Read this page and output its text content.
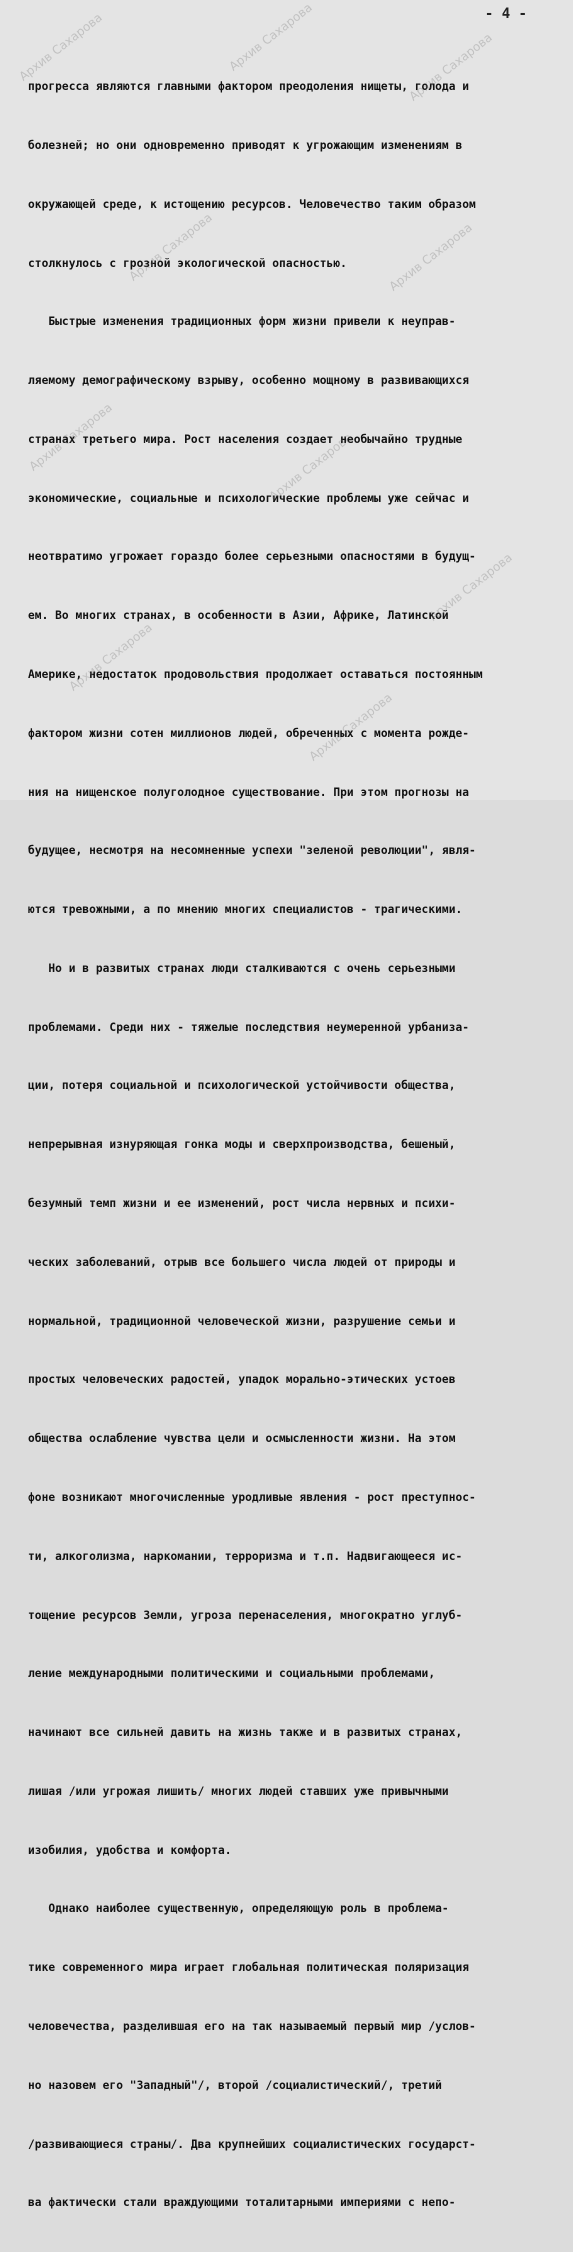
- 4 -
Архив Сахарова	Архив Сахарова	Архив Сахарова
Архив Сахарова	Архив Сахарова
Архив Сахарова	Архив Сахарова
Архив Сахарова
Архив Сахарова
Архив Сахарова

прогресса являются главными фактором преодоления нищеты, голода и

болезней; но они одновременно приводят к угрожающим изменениям в

окружающей среде, к истощению ресурсов. Человечество таким образом

столкнулось с грозной экологической опасностью.

Быстрые изменения традиционных форм жизни привели к неуправ-

ляемому демографическому взрыву, особенно мощному в развивающихся

странах третьего мира. Рост населения создает необычайно трудные

экономические, социальные и психологические проблемы уже сейчас и

неотвратимо угрожает гораздо более серьезными опасностями в будущ-

ем. Во многих странах, в особенности в Азии, Африке, Латинской

Америке, недостаток продовольствия продолжает оставаться постоянным

фактором жизни сотен миллионов людей, обреченных с момента рожде-

ния на нищенское полуголодное существование. При этом прогнозы на

будущее, несмотря на несомненные успехи "зеленой революции", явля-

ются тревожными, а по мнению многих специалистов - трагическими.

Но и в развитых странах люди сталкиваются с очень серьезными

проблемами. Среди них - тяжелые последствия неумеренной урбаниза-

ции, потеря социальной и психологической устойчивости общества,

непрерывная изнуряющая гонка моды и сверхпроизводства, бешеный,

безумный темп жизни и ее изменений, рост числа нервных и психи-

ческих заболеваний, отрыв все большего числа людей от природы и

нормальной, традиционной человеческой жизни, разрушение семьи и

простых человеческих радостей, упадок морально-этических устоев

общества ослабление чувства цели и осмысленности жизни. На этом

фоне возникают многочисленные уродливые явления - рост преступнос-

ти, алкоголизма, наркомании, терроризма и т.п. Надвигающееся ис-

тощение ресурсов Земли, угроза перенаселения, многократно углуб-

ление международными политическими и социальными проблемами,

начинают все сильней давить на жизнь также и в развитых странах,

лишая /или угрожая лишить/ многих людей ставших уже привычными

изобилия, удобства и комфорта.

Однако наиболее существенную, определяющую роль в проблема-

тике современного мира играет глобальная политическая поляризация

человечества, разделившая его на так называемый первый мир /услов-

но назовем его "Западный"/, второй /социалистический/, третий

/развивающиеся страны/. Два крупнейших социалистических государст-

ва фактически стали враждующими тоталитарными империями с непо-
